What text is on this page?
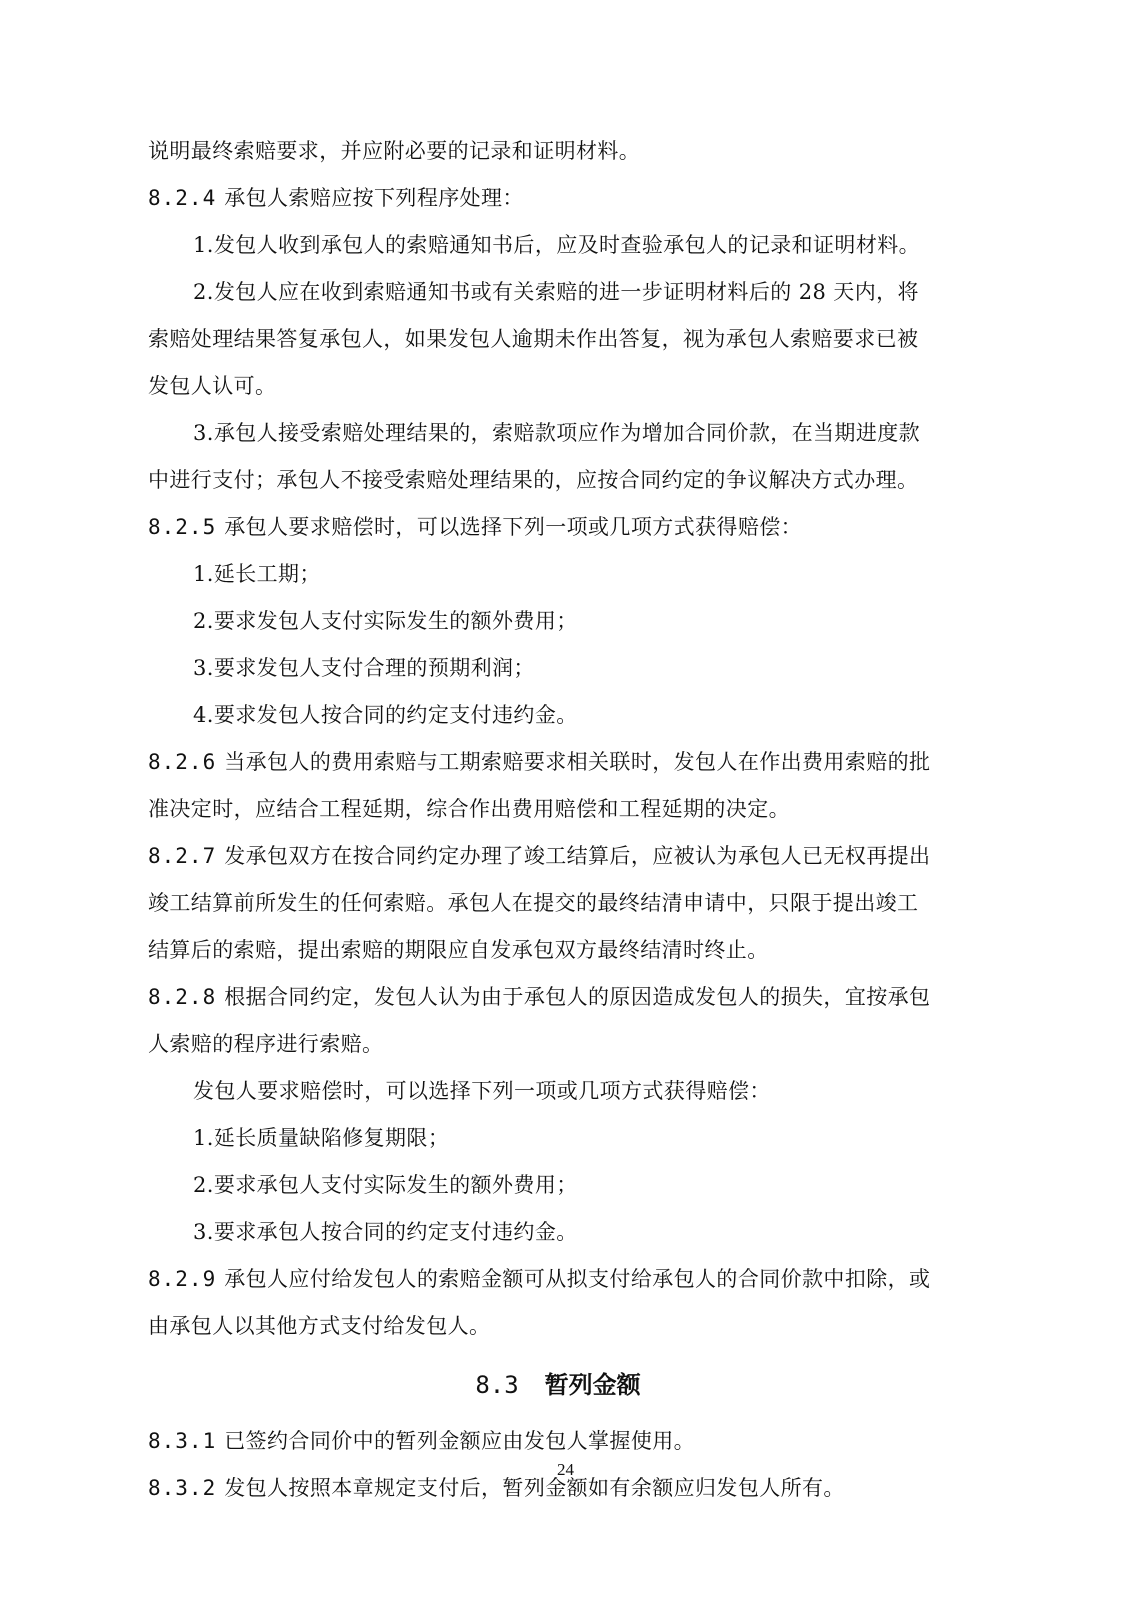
说明最终索赔要求，并应附必要的记录和证明材料。
8.2.4 承包人索赔应按下列程序处理：
1.发包人收到承包人的索赔通知书后，应及时查验承包人的记录和证明材料。
2.发包人应在收到索赔通知书或有关索赔的进一步证明材料后的 28 天内，将
索赔处理结果答复承包人，如果发包人逾期未作出答复，视为承包人索赔要求已被
发包人认可。
3.承包人接受索赔处理结果的，索赔款项应作为增加合同价款，在当期进度款
中进行支付；承包人不接受索赔处理结果的，应按合同约定的争议解决方式办理。
8.2.5 承包人要求赔偿时，可以选择下列一项或几项方式获得赔偿：
1.延长工期；
2.要求发包人支付实际发生的额外费用；
3.要求发包人支付合理的预期利润；
4.要求发包人按合同的约定支付违约金。
8.2.6 当承包人的费用索赔与工期索赔要求相关联时，发包人在作出费用索赔的批
准决定时，应结合工程延期，综合作出费用赔偿和工程延期的决定。
8.2.7 发承包双方在按合同约定办理了竣工结算后，应被认为承包人已无权再提出
竣工结算前所发生的任何索赔。承包人在提交的最终结清申请中，只限于提出竣工
结算后的索赔，提出索赔的期限应自发承包双方最终结清时终止。
8.2.8 根据合同约定，发包人认为由于承包人的原因造成发包人的损失，宜按承包
人索赔的程序进行索赔。
发包人要求赔偿时，可以选择下列一项或几项方式获得赔偿：
1.延长质量缺陷修复期限；
2.要求承包人支付实际发生的额外费用；
3.要求承包人按合同的约定支付违约金。
8.2.9 承包人应付给发包人的索赔金额可从拟支付给承包人的合同价款中扣除，或
由承包人以其他方式支付给发包人。
8.3 暂列金额
8.3.1 已签约合同价中的暂列金额应由发包人掌握使用。
8.3.2 发包人按照本章规定支付后，暂列金额如有余额应归发包人所有。
24
